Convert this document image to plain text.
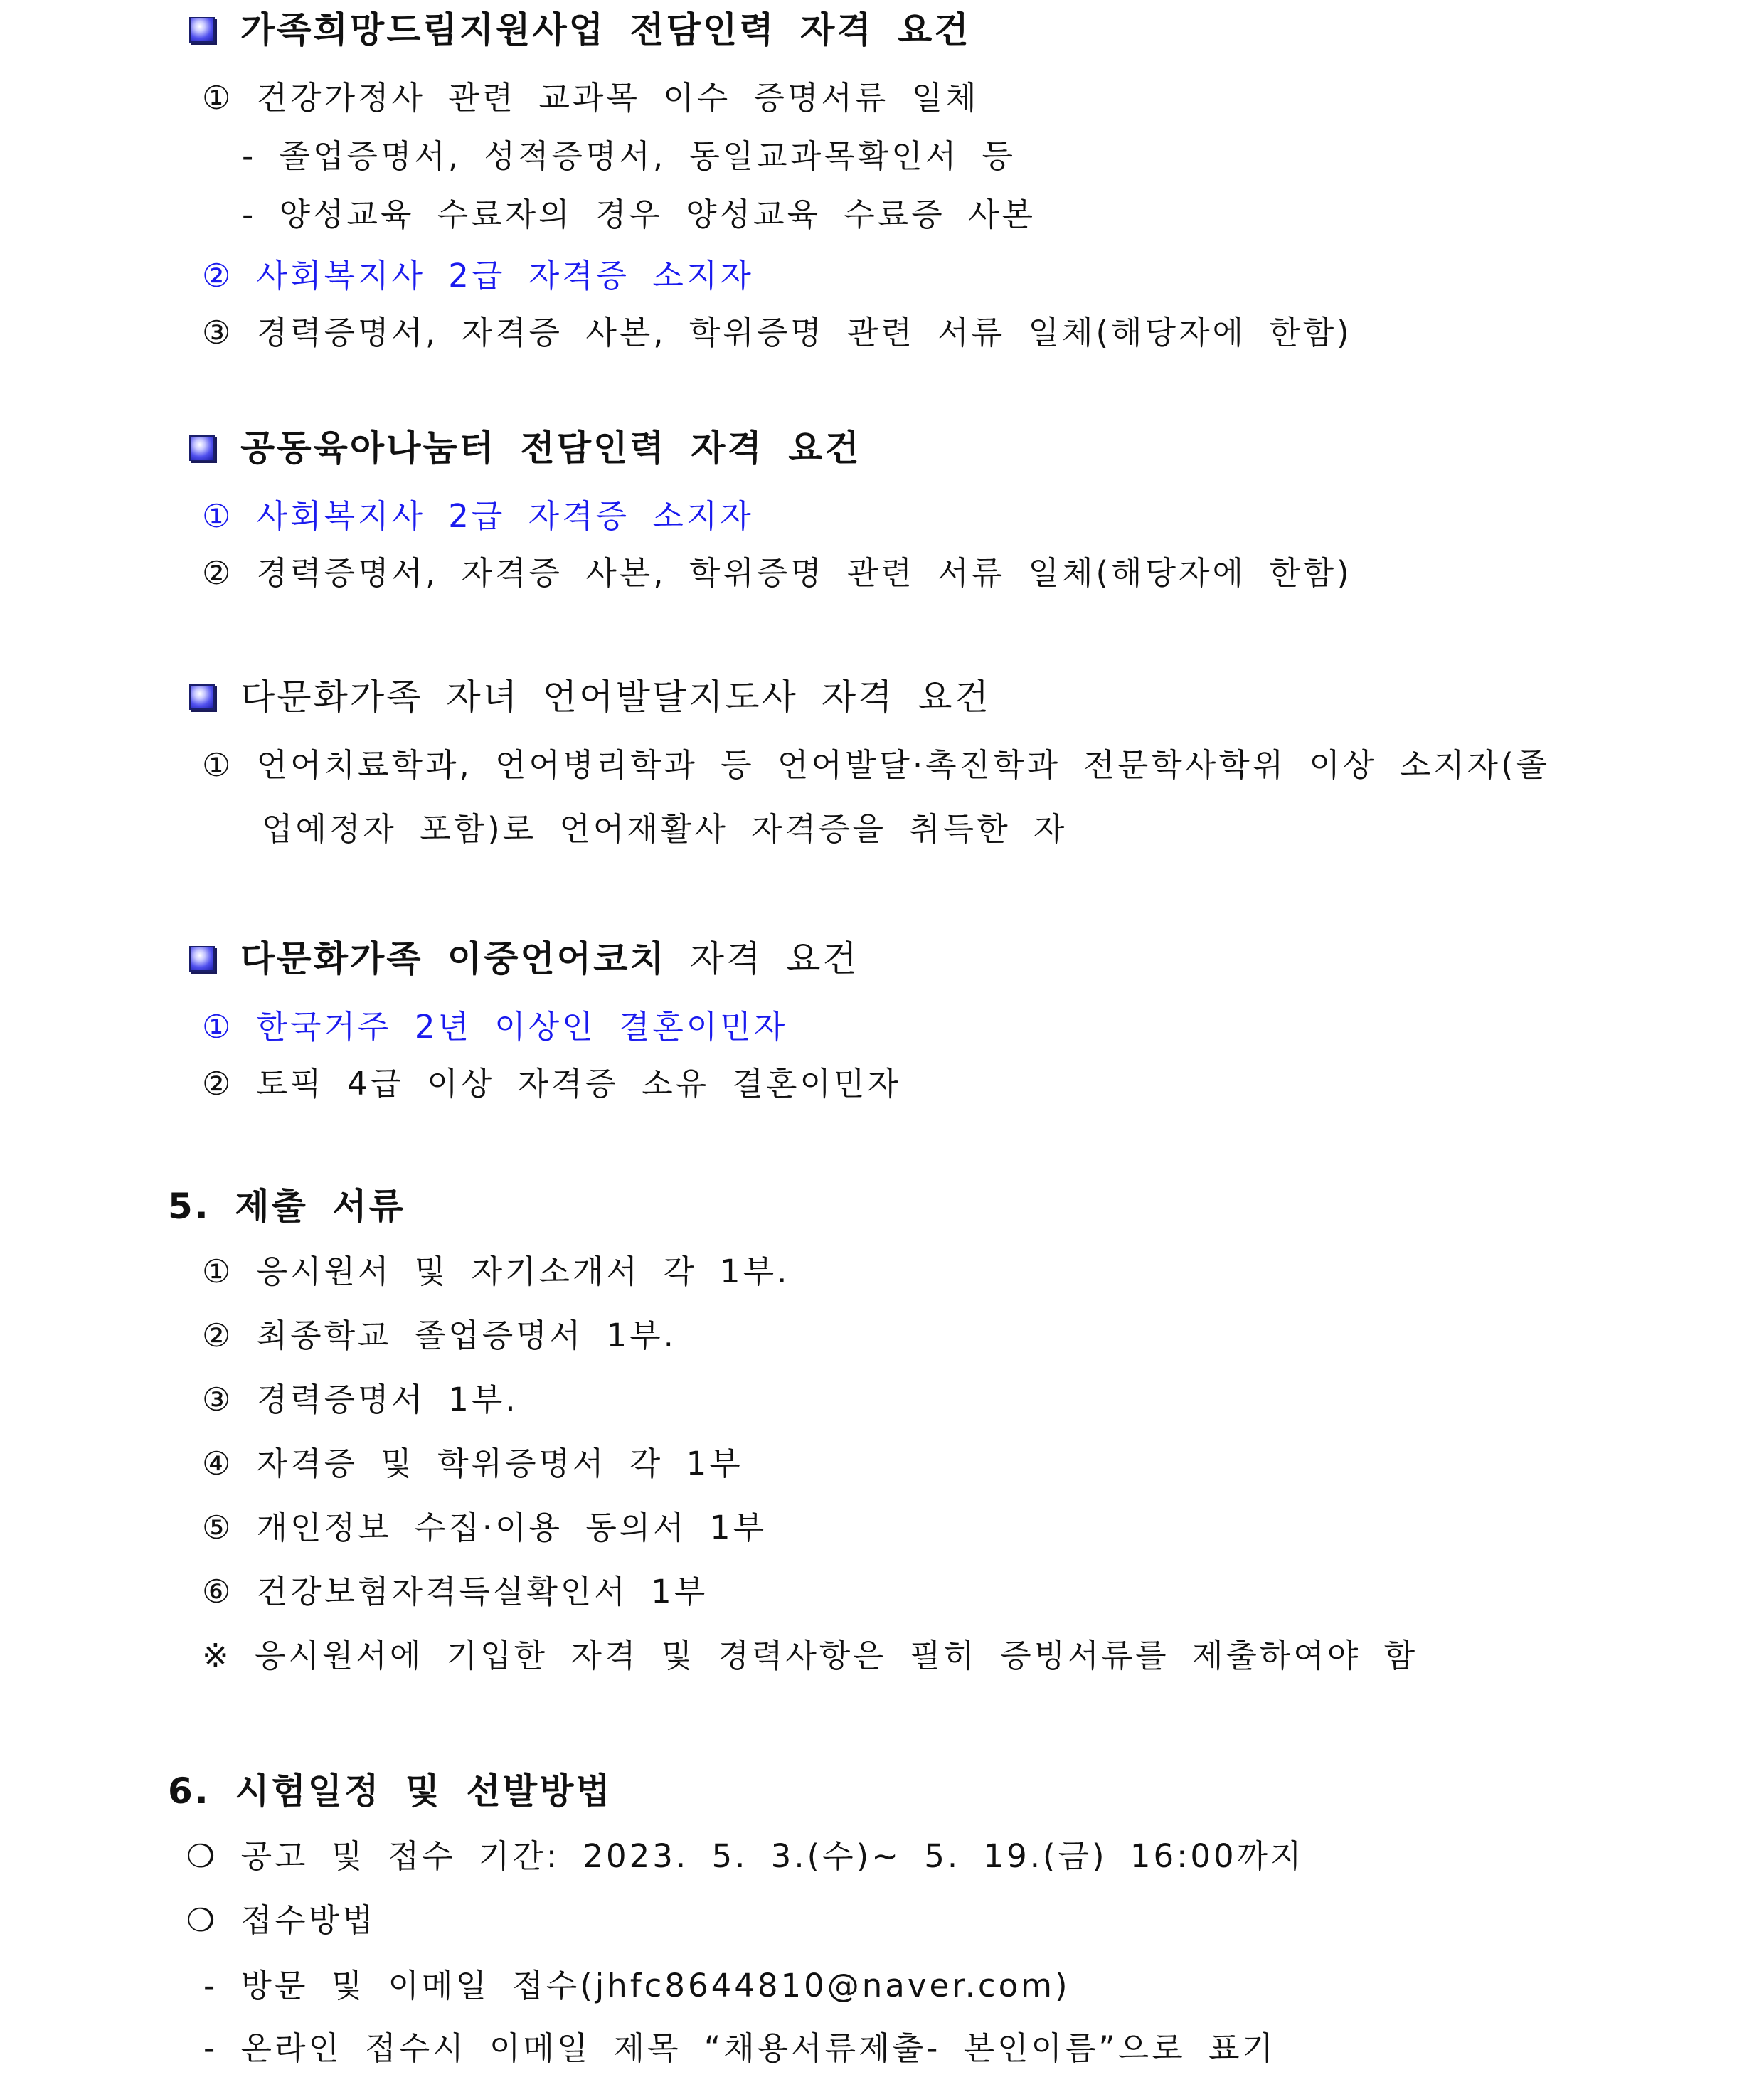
가족희망드림지원사업 전담인력 자격 요건
① 건강가정사 관련 교과목 이수 증명서류 일체
- 졸업증명서, 성적증명서, 동일교과목확인서 등
- 양성교육 수료자의 경우 양성교육 수료증 사본
② 사회복지사 2급 자격증 소지자
③ 경력증명서, 자격증 사본, 학위증명 관련 서류 일체(해당자에 한함)
공동육아나눔터 전담인력 자격 요건
① 사회복지사 2급 자격증 소지자
② 경력증명서, 자격증 사본, 학위증명 관련 서류 일체(해당자에 한함)
다문화가족 자녀 언어발달지도사 자격 요건
① 언어치료학과, 언어병리학과 등 언어발달·촉진학과 전문학사학위 이상 소지자(졸
업예정자 포함)로 언어재활사 자격증을 취득한 자
다문화가족 이중언어코치 자격 요건
① 한국거주 2년 이상인 결혼이민자
② 토픽 4급 이상 자격증 소유 결혼이민자
5. 제출 서류
① 응시원서 및 자기소개서 각 1부.
② 최종학교 졸업증명서 1부.
③ 경력증명서 1부.
④ 자격증 및 학위증명서 각 1부
⑤ 개인정보 수집·이용 동의서 1부
⑥ 건강보험자격득실확인서 1부
※ 응시원서에 기입한 자격 및 경력사항은 필히 증빙서류를 제출하여야 함
6. 시험일정 및 선발방법
❍ 공고 및 접수 기간: 2023. 5. 3.(수)~ 5. 19.(금) 16:00까지
❍ 접수방법
- 방문 및 이메일 접수(jhfc8644810@naver.com)
- 온라인 접수시 이메일 제목 “채용서류제출- 본인이름”으로 표기
